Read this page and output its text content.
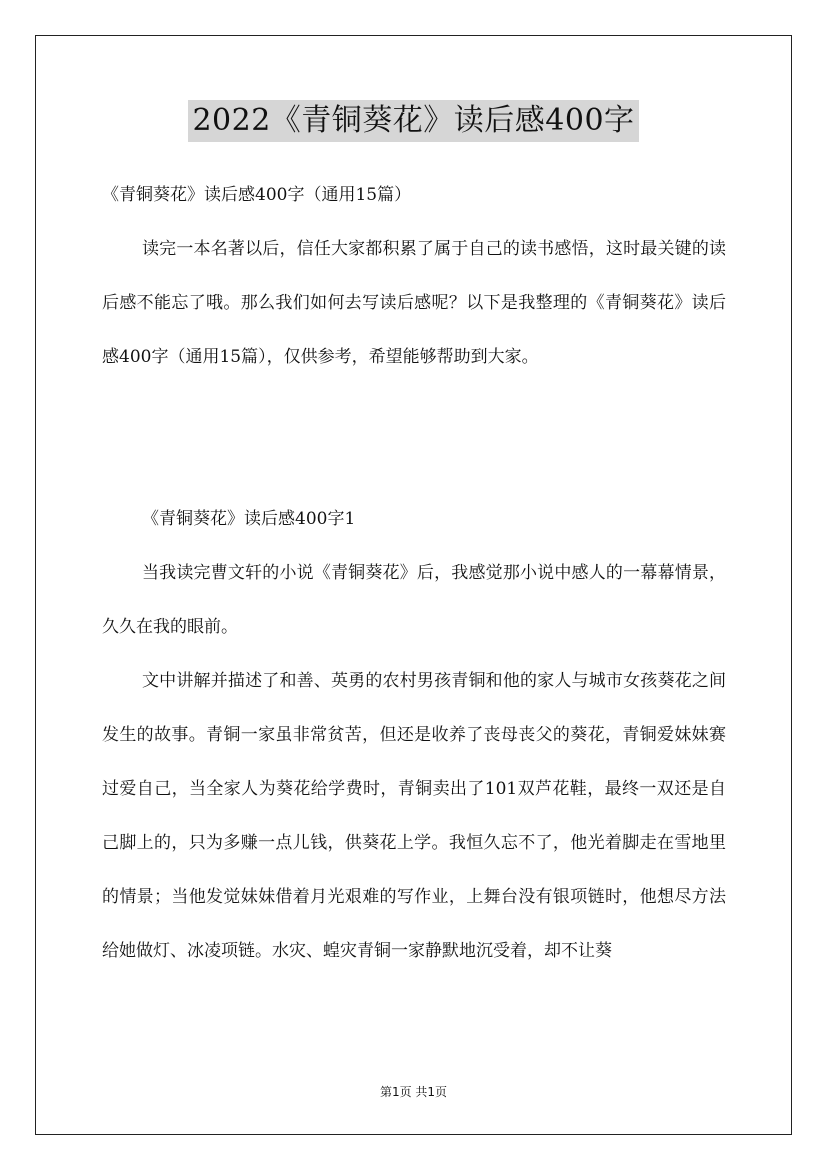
2022《青铜葵花》读后感400字
《青铜葵花》读后感400字（通用15篇）

读完一本名著以后，信任大家都积累了属于自己的读书感悟，这时最关键的读后感不能忘了哦。那么我们如何去写读后感呢？以下是我整理的《青铜葵花》读后感400字（通用15篇），仅供参考，希望能够帮助到大家。

《青铜葵花》读后感400字1

当我读完曹文轩的小说《青铜葵花》后，我感觉那小说中感人的一幕幕情景，久久在我的眼前。

文中讲解并描述了和善、英勇的农村男孩青铜和他的家人与城市女孩葵花之间发生的故事。青铜一家虽非常贫苦，但还是收养了丧母丧父的葵花，青铜爱妹妹赛过爱自己，当全家人为葵花给学费时，青铜卖出了101双芦花鞋，最终一双还是自己脚上的，只为多赚一点儿钱，供葵花上学。我恒久忘不了，他光着脚走在雪地里的情景；当他发觉妹妹借着月光艰难的写作业，上舞台没有银项链时，他想尽方法给她做灯、冰凌项链。水灾、蝗灾青铜一家静默地沉受着，却不让葵

第1页 共1页
